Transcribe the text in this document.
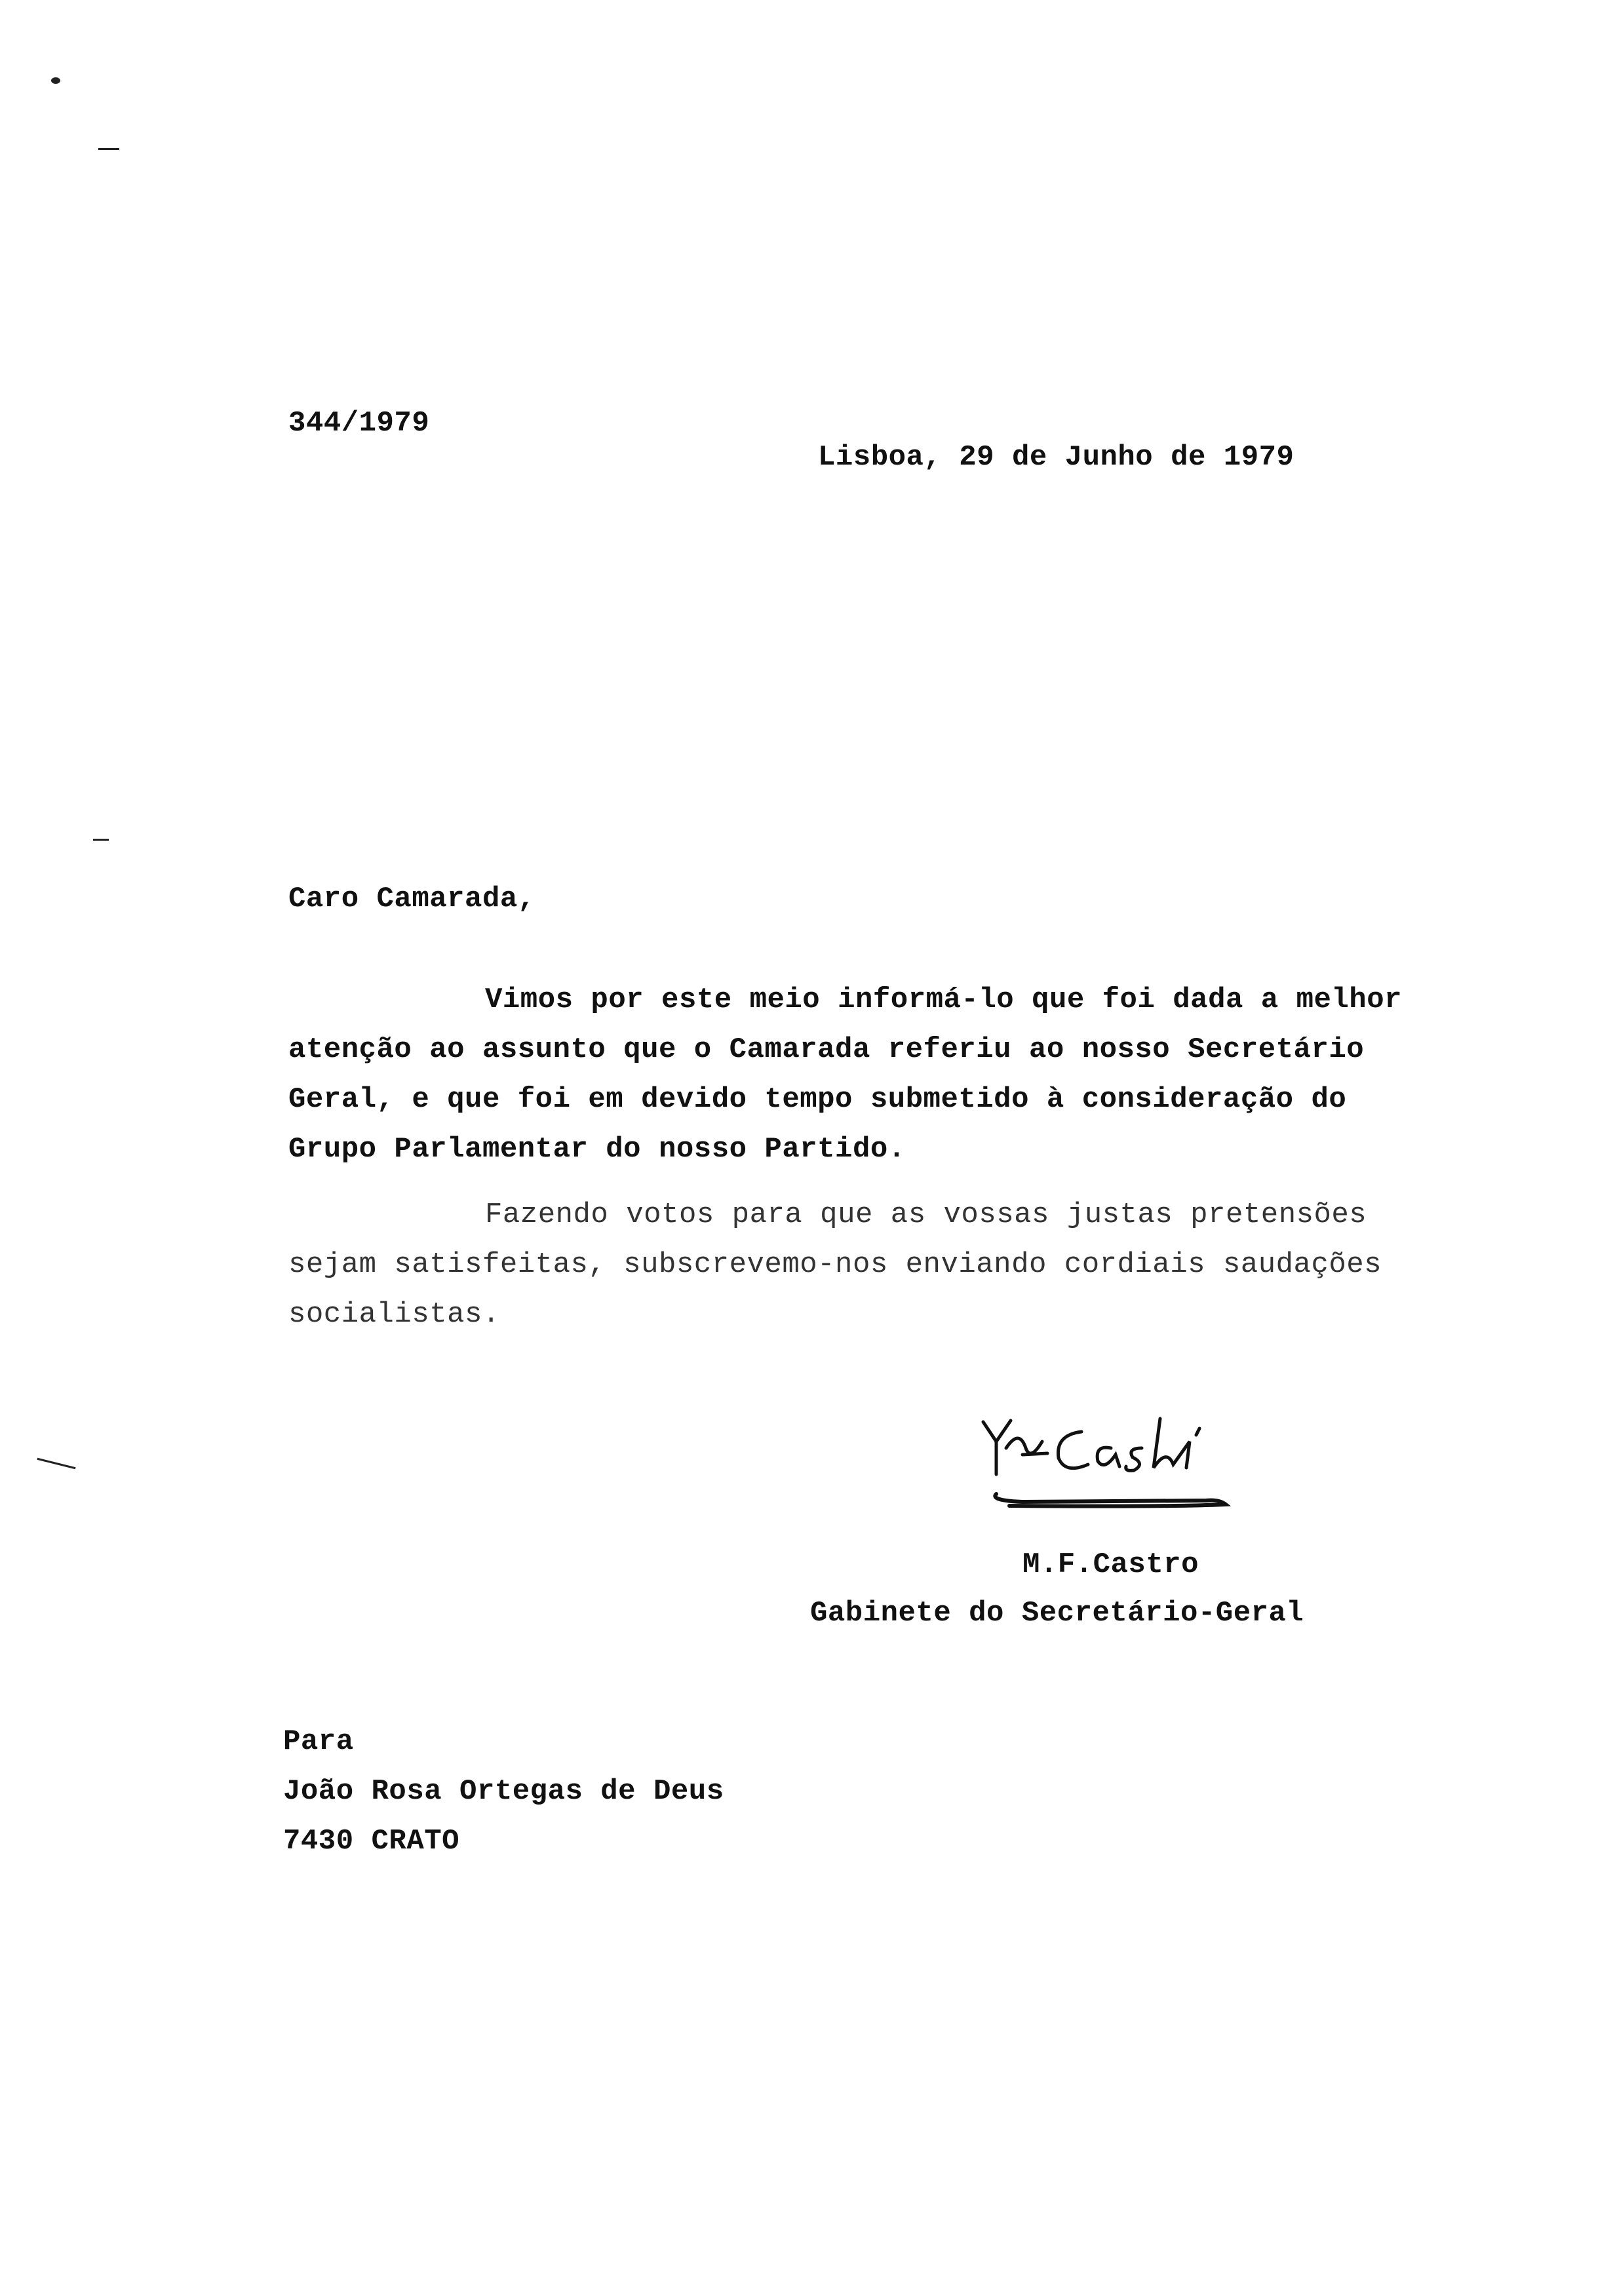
344/1979
Lisboa, 29 de Junho de 1979
Caro Camarada,
Vimos por este meio informá-lo que foi dada a melhor
atenção ao assunto que o Camarada referiu ao nosso Secretário
Geral, e que foi em devido tempo submetido à consideração do
Grupo Parlamentar do nosso Partido.
Fazendo votos para que as vossas justas pretensões
sejam satisfeitas, subscrevemo-nos enviando cordiais saudações
socialistas.
M.F.Castro
Gabinete do Secretário-Geral
Para
João Rosa Ortegas de Deus
7430 CRATO
